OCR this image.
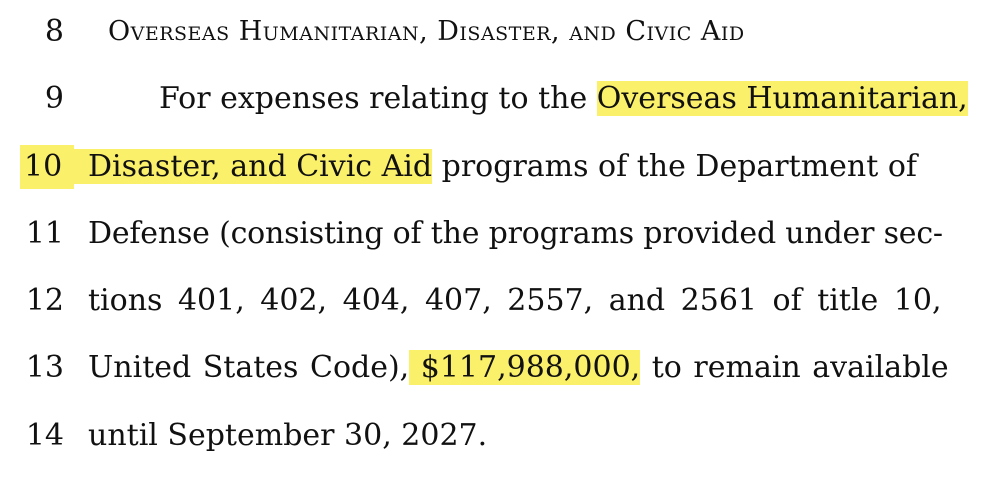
8 Overseas Humanitarian, Disaster, and Civic Aid
9	For expenses relating to the Overseas Humanitarian,
10 Disaster, and Civic Aid programs of the Department of
11 Defense (consisting of the programs provided under sec-
12 tions 401, 402, 404, 407, 2557, and 2561 of title 10,
13 United States Code), $117,988,000, to remain available
14 until September 30, 2027.
